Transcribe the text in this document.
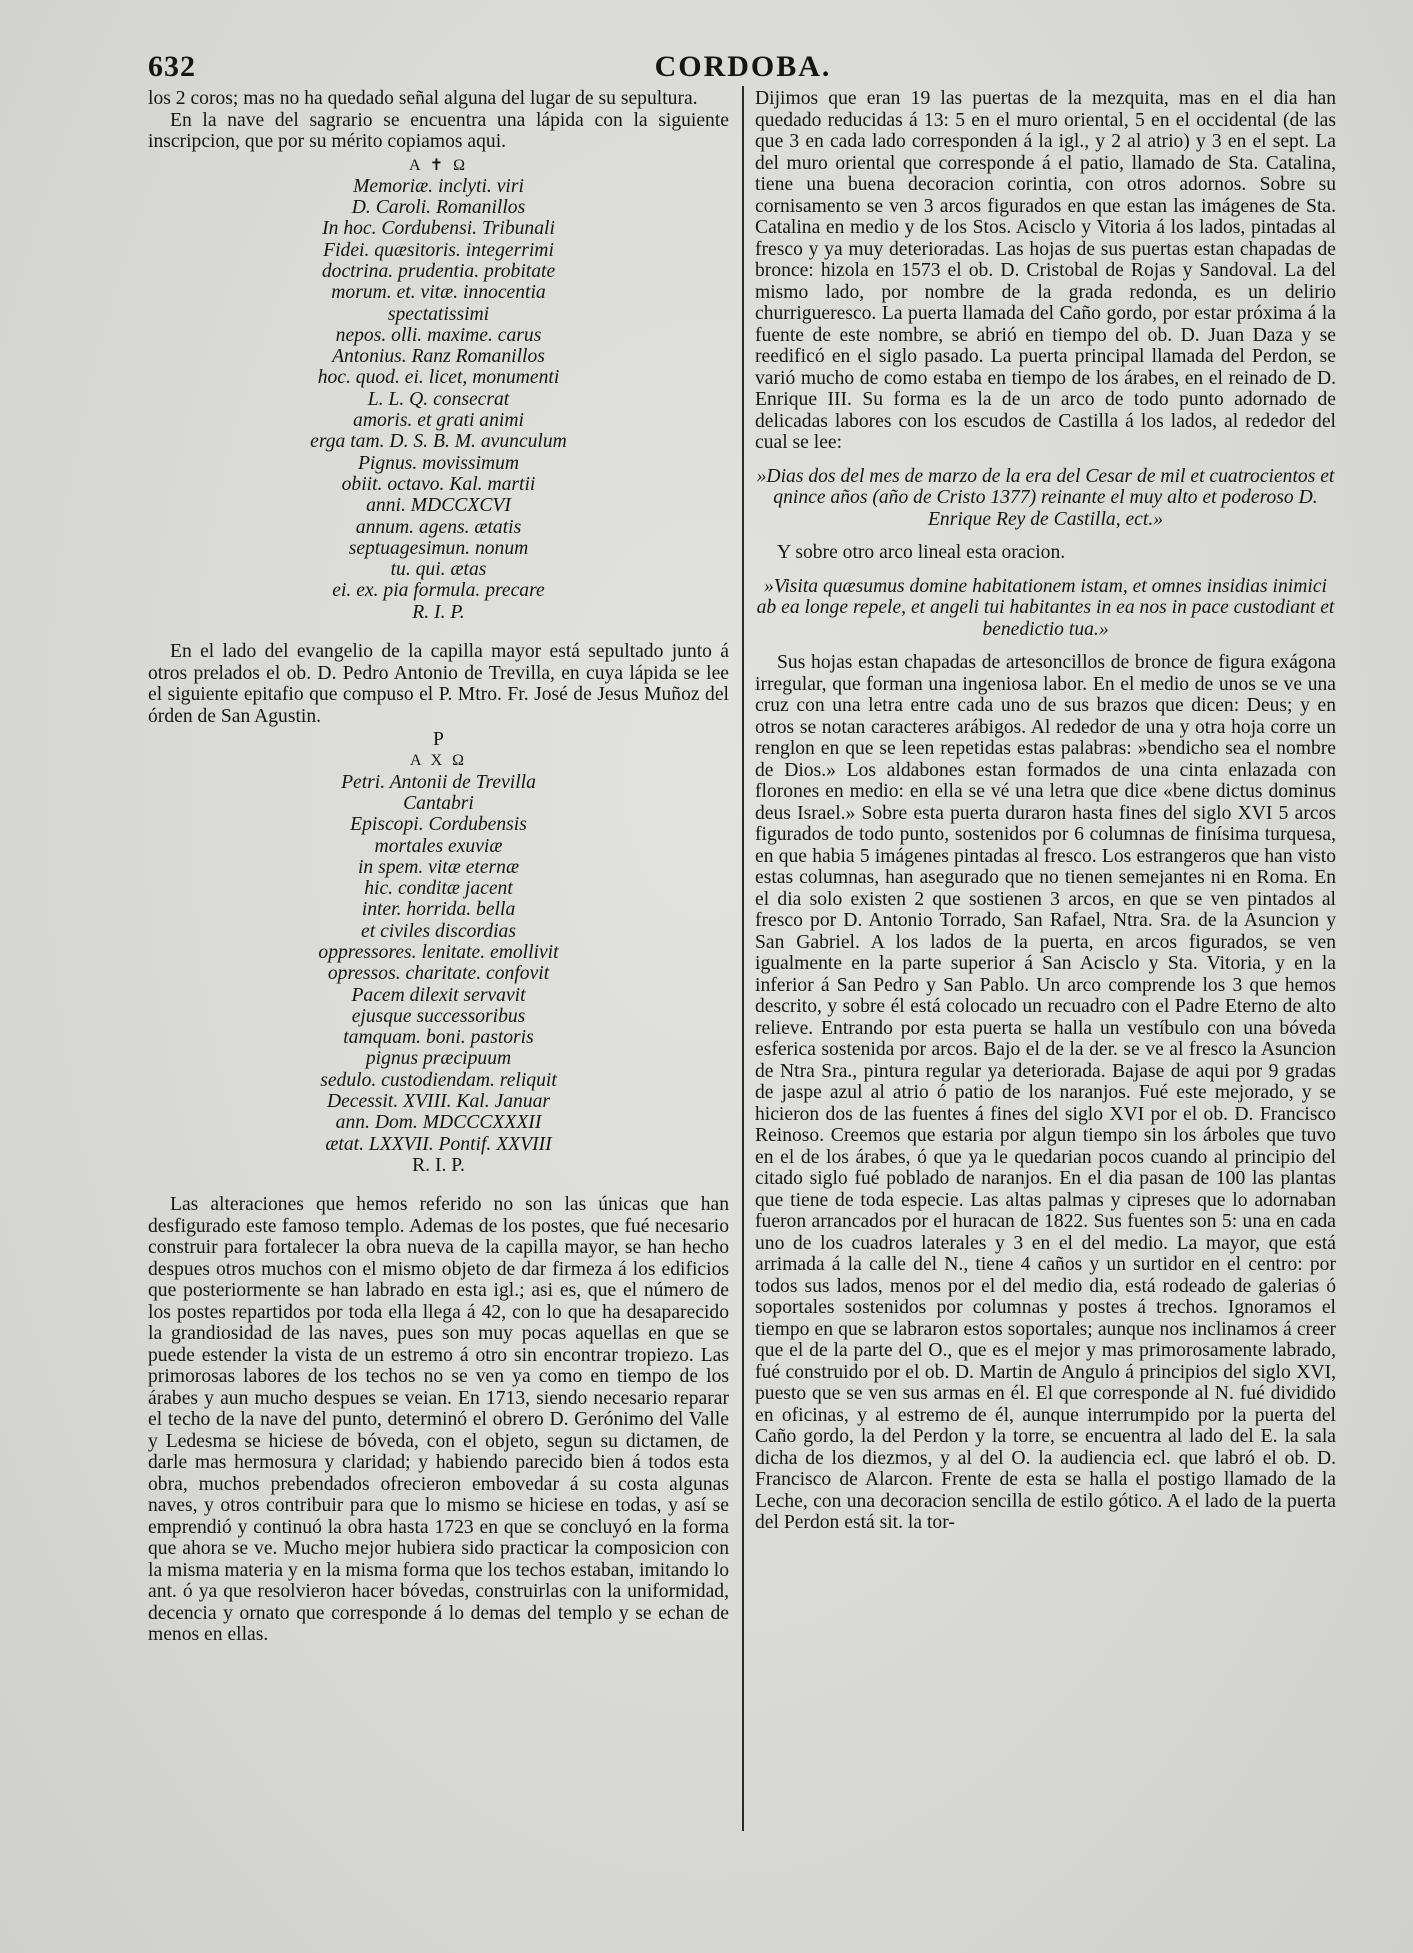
632	CORDOBA.

los 2 coros; mas no ha quedado señal alguna del lugar de su sepultura.

En la nave del sagrario se encuentra una lápida con la siguiente inscripcion, que por su mérito copiamos aqui.

A ✝ Ω
Memoriæ. inclyti. viri
D. Caroli. Romanillos
In hoc. Cordubensi. Tribunali
Fidei. quæsitoris. integerrimi
doctrina. prudentia. probitate
morum. et. vitæ. innocentia
spectatissimi
nepos. olli. maxime. carus
Antonius. Ranz Romanillos
hoc. quod. ei. licet, monumenti
L. L. Q. consecrat
amoris. et grati animi
erga tam. D. S. B. M. avunculum
Pignus. movissimum
obiit. octavo. Kal. martii
anni. MDCCXCVI
annum. agens. ætatis
septuagesimun. nonum
tu. qui. ætas
ei. ex. pia formula. precare
R. I. P.

En el lado del evangelio de la capilla mayor está sepultado junto á otros prelados el ob. D. Pedro Antonio de Trevilla, en cuya lápida se lee el siguiente epitafio que compuso el P. Mtro. Fr. José de Jesus Muñoz del órden de San Agustin.

P
A X Ω
Petri. Antonii de Trevilla
Cantabri
Episcopi. Cordubensis
mortales exuviæ
in spem. vitæ eternæ
hic. conditæ jacent
inter. horrida. bella
et civiles discordias
oppressores. lenitate. emollivit
opressos. charitate. confovit
Pacem dilexit servavit
ejusque successoribus
tamquam. boni. pastoris
pignus præcipuum
sedulo. custodiendam. reliquit
Decessit. XVIII. Kal. Januar
ann. Dom. MDCCCXXXII
ætat. LXXVII. Pontif. XXVIII
R. I. P.

Las alteraciones que hemos referido no son las únicas que han desfigurado este famoso templo. Ademas de los postes, que fué necesario construir para fortalecer la obra nueva de la capilla mayor, se han hecho despues otros muchos con el mismo objeto de dar firmeza á los edificios que posteriormente se han labrado en esta igl.; asi es, que el número de los postes repartidos por toda ella llega á 42, con lo que ha desaparecido la grandiosidad de las naves, pues son muy pocas aquellas en que se puede estender la vista de un estremo á otro sin encontrar tropiezo. Las primorosas labores de los techos no se ven ya como en tiempo de los árabes y aun mucho despues se veian. En 1713, siendo necesario reparar el techo de la nave del punto, determinó el obrero D. Gerónimo del Valle y Ledesma se hiciese de bóveda, con el objeto, segun su dictamen, de darle mas hermosura y claridad; y habiendo parecido bien á todos esta obra, muchos prebendados ofrecieron embovedar á su costa algunas naves, y otros contribuir para que lo mismo se hiciese en todas, y así se emprendió y continuó la obra hasta 1723 en que se concluyó en la forma que ahora se ve. Mucho mejor hubiera sido practicar la composicion con la misma materia y en la misma forma que los techos estaban, imitando lo ant. ó ya que resolvieron hacer bóvedas, construirlas con la uniformidad, decencia y ornato que corresponde á lo demas del templo y se echan de menos en ellas.

Dijimos que eran 19 las puertas de la mezquita, mas en el dia han quedado reducidas á 13: 5 en el muro oriental, 5 en el occidental (de las que 3 en cada lado corresponden á la igl., y 2 al atrio) y 3 en el sept. La del muro oriental que corresponde á el patio, llamado de Sta. Catalina, tiene una buena decoracion corintia, con otros adornos. Sobre su cornisamento se ven 3 arcos figurados en que estan las imágenes de Sta. Catalina en medio y de los Stos. Acisclo y Vitoria á los lados, pintadas al fresco y ya muy deterioradas. Las hojas de sus puertas estan chapadas de bronce: hizola en 1573 el ob. D. Cristobal de Rojas y Sandoval. La del mismo lado, por nombre de la grada redonda, es un delirio churrigueresco. La puerta llamada del Caño gordo, por estar próxima á la fuente de este nombre, se abrió en tiempo del ob. D. Juan Daza y se reedificó en el siglo pasado. La puerta principal llamada del Perdon, se varió mucho de como estaba en tiempo de los árabes, en el reinado de D. Enrique III. Su forma es la de un arco de todo punto adornado de delicadas labores con los escudos de Castilla á los lados, al rededor del cual se lee:

»Dias dos del mes de marzo de la era del Cesar de mil et cuatrocientos et qnince años (año de Cristo 1377) reinante el muy alto et poderoso D. Enrique Rey de Castilla, ect.»

Y sobre otro arco lineal esta oracion.

»Visita quæsumus domine habitationem istam, et omnes insidias inimici ab ea longe repele, et angeli tui habitantes in ea nos in pace custodiant et benedictio tua.»

Sus hojas estan chapadas de artesoncillos de bronce de figura exágona irregular, que forman una ingeniosa labor. En el medio de unos se ve una cruz con una letra entre cada uno de sus brazos que dicen: Deus; y en otros se notan caracteres arábigos. Al rededor de una y otra hoja corre un renglon en que se leen repetidas estas palabras: »bendicho sea el nombre de Dios.» Los aldabones estan formados de una cinta enlazada con florones en medio: en ella se vé una letra que dice «bene dictus dominus deus Israel.» Sobre esta puerta duraron hasta fines del siglo XVI 5 arcos figurados de todo punto, sostenidos por 6 columnas de finísima turquesa, en que habia 5 imágenes pintadas al fresco. Los estrangeros que han visto estas columnas, han asegurado que no tienen semejantes ni en Roma. En el dia solo existen 2 que sostienen 3 arcos, en que se ven pintados al fresco por D. Antonio Torrado, San Rafael, Ntra. Sra. de la Asuncion y San Gabriel. A los lados de la puerta, en arcos figurados, se ven igualmente en la parte superior á San Acisclo y Sta. Vitoria, y en la inferior á San Pedro y San Pablo. Un arco comprende los 3 que hemos descrito, y sobre él está colocado un recuadro con el Padre Eterno de alto relieve. Entrando por esta puerta se halla un vestíbulo con una bóveda esferica sostenida por arcos. Bajo el de la der. se ve al fresco la Asuncion de Ntra Sra., pintura regular ya deteriorada. Bajase de aqui por 9 gradas de jaspe azul al atrio ó patio de los naranjos. Fué este mejorado, y se hicieron dos de las fuentes á fines del siglo XVI por el ob. D. Francisco Reinoso. Creemos que estaria por algun tiempo sin los árboles que tuvo en el de los árabes, ó que ya le quedarian pocos cuando al principio del citado siglo fué poblado de naranjos. En el dia pasan de 100 las plantas que tiene de toda especie. Las altas palmas y cipreses que lo adornaban fueron arrancados por el huracan de 1822. Sus fuentes son 5: una en cada uno de los cuadros laterales y 3 en el del medio. La mayor, que está arrimada á la calle del N., tiene 4 caños y un surtidor en el centro: por todos sus lados, menos por el del medio dia, está rodeado de galerias ó soportales sostenidos por columnas y postes á trechos. Ignoramos el tiempo en que se labraron estos soportales; aunque nos inclinamos á creer que el de la parte del O., que es el mejor y mas primorosamente labrado, fué construido por el ob. D. Martin de Angulo á principios del siglo XVI, puesto que se ven sus armas en él. El que corresponde al N. fué dividido en oficinas, y al estremo de él, aunque interrumpido por la puerta del Caño gordo, la del Perdon y la torre, se encuentra al lado del E. la sala dicha de los diezmos, y al del O. la audiencia ecl. que labró el ob. D. Francisco de Alarcon. Frente de esta se halla el postigo llamado de la Leche, con una decoracion sencilla de estilo gótico. A el lado de la puerta del Perdon está sit. la tor-
